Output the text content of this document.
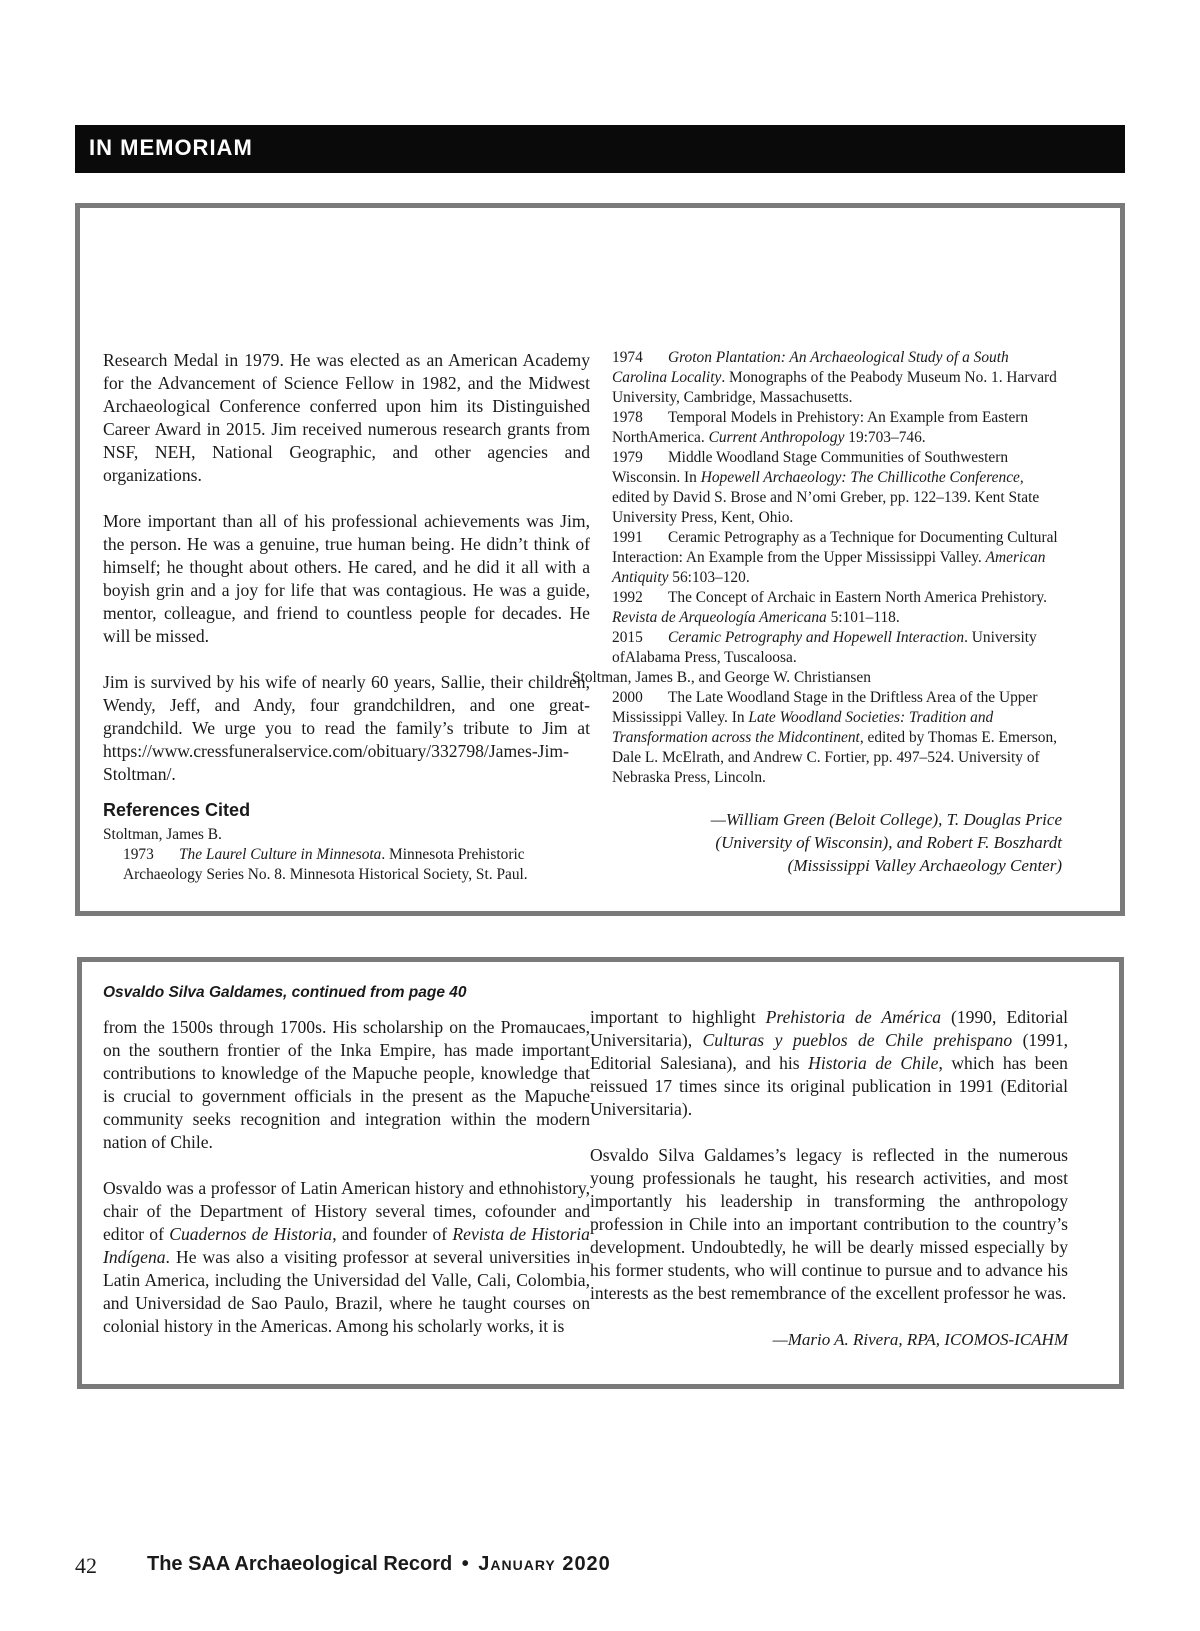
IN MEMORIAM

Research Medal in 1979. He was elected as an American Academy for the Advancement of Science Fellow in 1982, and the Midwest Archaeological Conference conferred upon him its Distinguished Career Award in 2015. Jim received numerous research grants from NSF, NEH, National Geographic, and other agencies and organizations.

More important than all of his professional achievements was Jim, the person. He was a genuine, true human being. He didn’t think of himself; he thought about others. He cared, and he did it all with a boyish grin and a joy for life that was contagious. He was a guide, mentor, colleague, and friend to countless people for decades. He will be missed.

Jim is survived by his wife of nearly 60 years, Sallie, their children, Wendy, Jeff, and Andy, four grandchildren, and one great-grandchild. We urge you to read the family’s tribute to Jim at https://www.cressfuneralservice.com/obituary/332798/James-Jim-Stoltman/.

References Cited

Stoltman, James B.

1973 The Laurel Culture in Minnesota. Minnesota Prehistoric Archaeology Series No. 8. Minnesota Historical Society, St. Paul.

1974 Groton Plantation: An Archaeological Study of a South Carolina Locality. Monographs of the Peabody Museum No. 1. Harvard University, Cambridge, Massachusetts.

1978 Temporal Models in Prehistory: An Example from Eastern NorthAmerica. Current Anthropology 19:703–746.

1979 Middle Woodland Stage Communities of Southwestern Wisconsin. In Hopewell Archaeology: The Chillicothe Conference, edited by David S. Brose and N’omi Greber, pp. 122–139. Kent State University Press, Kent, Ohio.

1991 Ceramic Petrography as a Technique for Documenting Cultural Interaction: An Example from the Upper Mississippi Valley. American Antiquity 56:103–120.

1992 The Concept of Archaic in Eastern North America Prehistory. Revista de Arqueología Americana 5:101–118.

2015 Ceramic Petrography and Hopewell Interaction. University ofAlabama Press, Tuscaloosa.

Stoltman, James B., and George W. Christiansen

2000 The Late Woodland Stage in the Driftless Area of the Upper Mississippi Valley. In Late Woodland Societies: Tradition and Transformation across the Midcontinent, edited by Thomas E. Emerson, Dale L. McElrath, and Andrew C. Fortier, pp. 497–524. University of Nebraska Press, Lincoln.

—William Green (Beloit College), T. Douglas Price

(University of Wisconsin), and Robert F. Boszhardt

(Mississippi Valley Archaeology Center)

Osvaldo Silva Galdames, continued from page 40

from the 1500s through 1700s. His scholarship on the Promaucaes, on the southern frontier of the Inka Empire, has made important contributions to knowledge of the Mapuche people, knowledge that is crucial to government officials in the present as the Mapuche community seeks recognition and integration within the modern nation of Chile.

Osvaldo was a professor of Latin American history and ethnohistory, chair of the Department of History several times, cofounder and editor of Cuadernos de Historia, and founder of Revista de Historia Indígena. He was also a visiting professor at several universities in Latin America, including the Universidad del Valle, Cali, Colombia, and Universidad de Sao Paulo, Brazil, where he taught courses on colonial history in the Americas. Among his scholarly works, it is

important to highlight Prehistoria de América (1990, Editorial Universitaria), Culturas y pueblos de Chile prehispano (1991, Editorial Salesiana), and his Historia de Chile, which has been reissued 17 times since its original publication in 1991 (Editorial Universitaria).

Osvaldo Silva Galdames’s legacy is reflected in the numerous young professionals he taught, his research activities, and most importantly his leadership in transforming the anthropology profession in Chile into an important contribution to the country’s development. Undoubtedly, he will be dearly missed especially by his former students, who will continue to pursue and to advance his interests as the best remembrance of the excellent professor he was.

—Mario A. Rivera, RPA, ICOMOS-ICAHM

42	The SAA Archaeological Record • January 2020
